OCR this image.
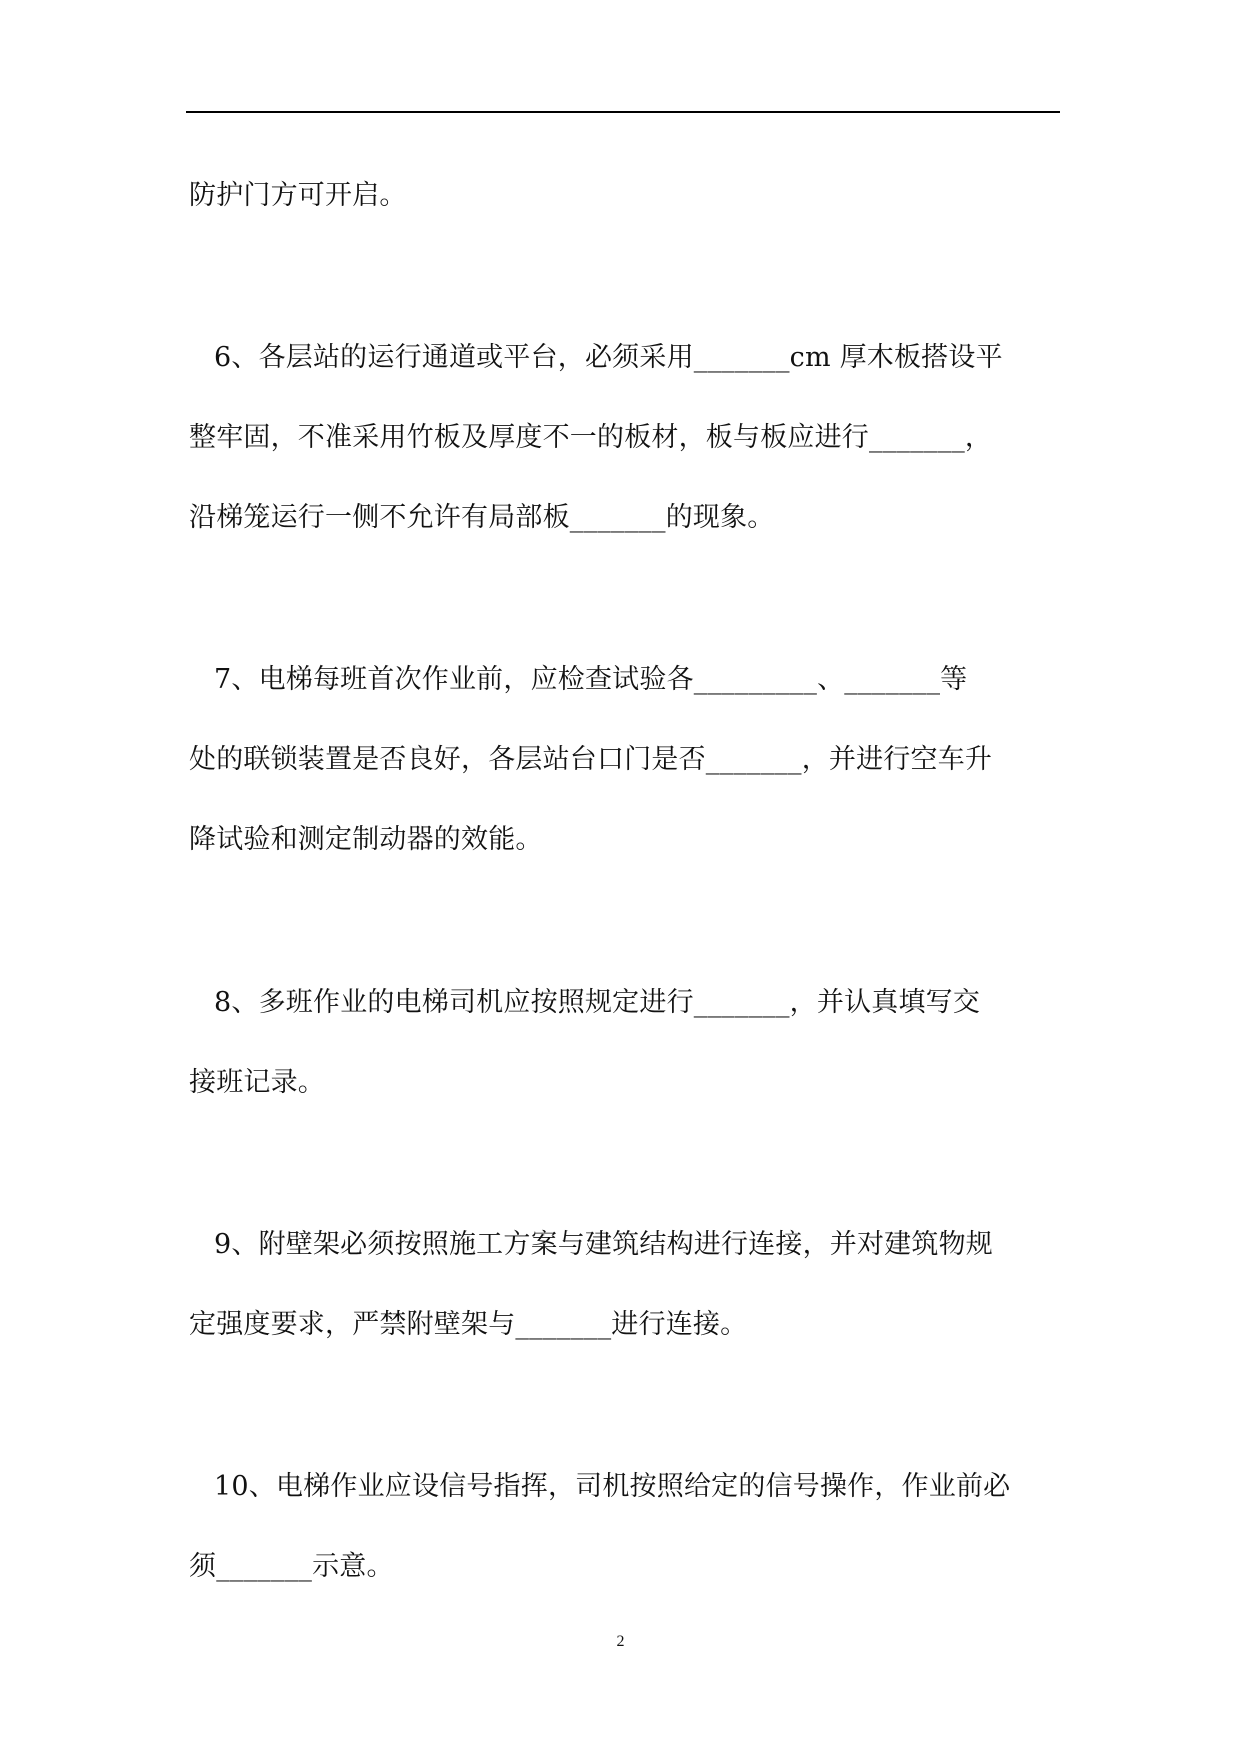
防护门方可开启。
6、各层站的运行通道或平台，必须采用_______cm 厚木板搭设平
整牢固，不准采用竹板及厚度不一的板材，板与板应进行_______，
沿梯笼运行一侧不允许有局部板_______的现象。
7、电梯每班首次作业前，应检查试验各_________、_______等
处的联锁装置是否良好，各层站台口门是否_______，并进行空车升
降试验和测定制动器的效能。
8、多班作业的电梯司机应按照规定进行_______，并认真填写交
接班记录。
9、附壁架必须按照施工方案与建筑结构进行连接，并对建筑物规
定强度要求，严禁附壁架与_______进行连接。
10、电梯作业应设信号指挥，司机按照给定的信号操作，作业前必
须_______示意。
2
